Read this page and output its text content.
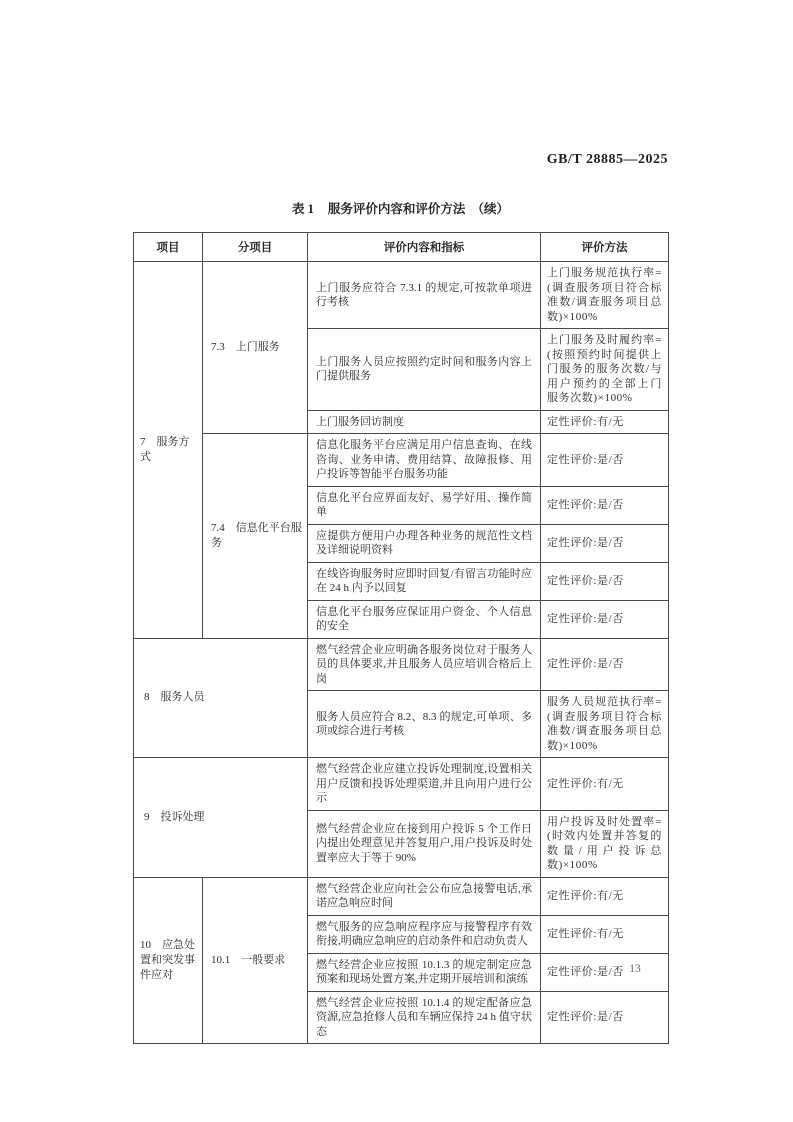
GB/T 28885—2025
表 1 服务评价内容和评价方法 （续）
项目	分项目	评价内容和指标	评价方法
7　服务方式	7.3　上门服务	上门服务应符合 7.3.1 的规定,可按款单项进行考核	上门服务规范执行率=(调查服务项目符合标准数/调查服务项目总数)×100%
		上门服务人员应按照约定时间和服务内容上门提供服务	上门服务及时履约率=(按照预约时间提供上门服务的服务次数/与用户预约的全部上门服务次数)×100%
		上门服务回访制度	定性评价:有/无
	7.4　信息化平台服务	信息化服务平台应满足用户信息查询、在线咨询、业务申请、费用结算、故障报修、用户投诉等智能平台服务功能	定性评价:是/否
		信息化平台应界面友好、易学好用、操作简单	定性评价:是/否
		应提供方便用户办理各种业务的规范性文档及详细说明资料	定性评价:是/否
		在线咨询服务时应即时回复/有留言功能时应在 24 h 内予以回复	定性评价:是/否
		信息化平台服务应保证用户资金、个人信息的安全	定性评价:是/否
8　服务人员		燃气经营企业应明确各服务岗位对于服务人员的具体要求,并且服务人员应培训合格后上岗	定性评价:是/否
		服务人员应符合 8.2、8.3 的规定,可单项、多项或综合进行考核	服务人员规范执行率=(调查服务项目符合标准数/调查服务项目总数)×100%
9　投诉处理		燃气经营企业应建立投诉处理制度,设置相关用户反馈和投诉处理渠道,并且向用户进行公示	定性评价:有/无
		燃气经营企业应在接到用户投诉 5 个工作日内提出处理意见并答复用户,用户投诉及时处置率应大于等于 90%	用户投诉及时处置率=(时效内处置并答复的数量/用户投诉总数)×100%
10　应急处置和突发事件应对	10.1　一般要求	燃气经营企业应向社会公布应急接警电话,承诺应急响应时间	定性评价:有/无
		燃气服务的应急响应程序应与接警程序有效衔接,明确应急响应的启动条件和启动负责人	定性评价:有/无
		燃气经营企业应按照 10.1.3 的规定制定应急预案和现场处置方案,并定期开展培训和演练	定性评价:是/否
		燃气经营企业应按照 10.1.4 的规定配备应急资源,应急抢修人员和车辆应保持 24 h 值守状态	定性评价:是/否
13
